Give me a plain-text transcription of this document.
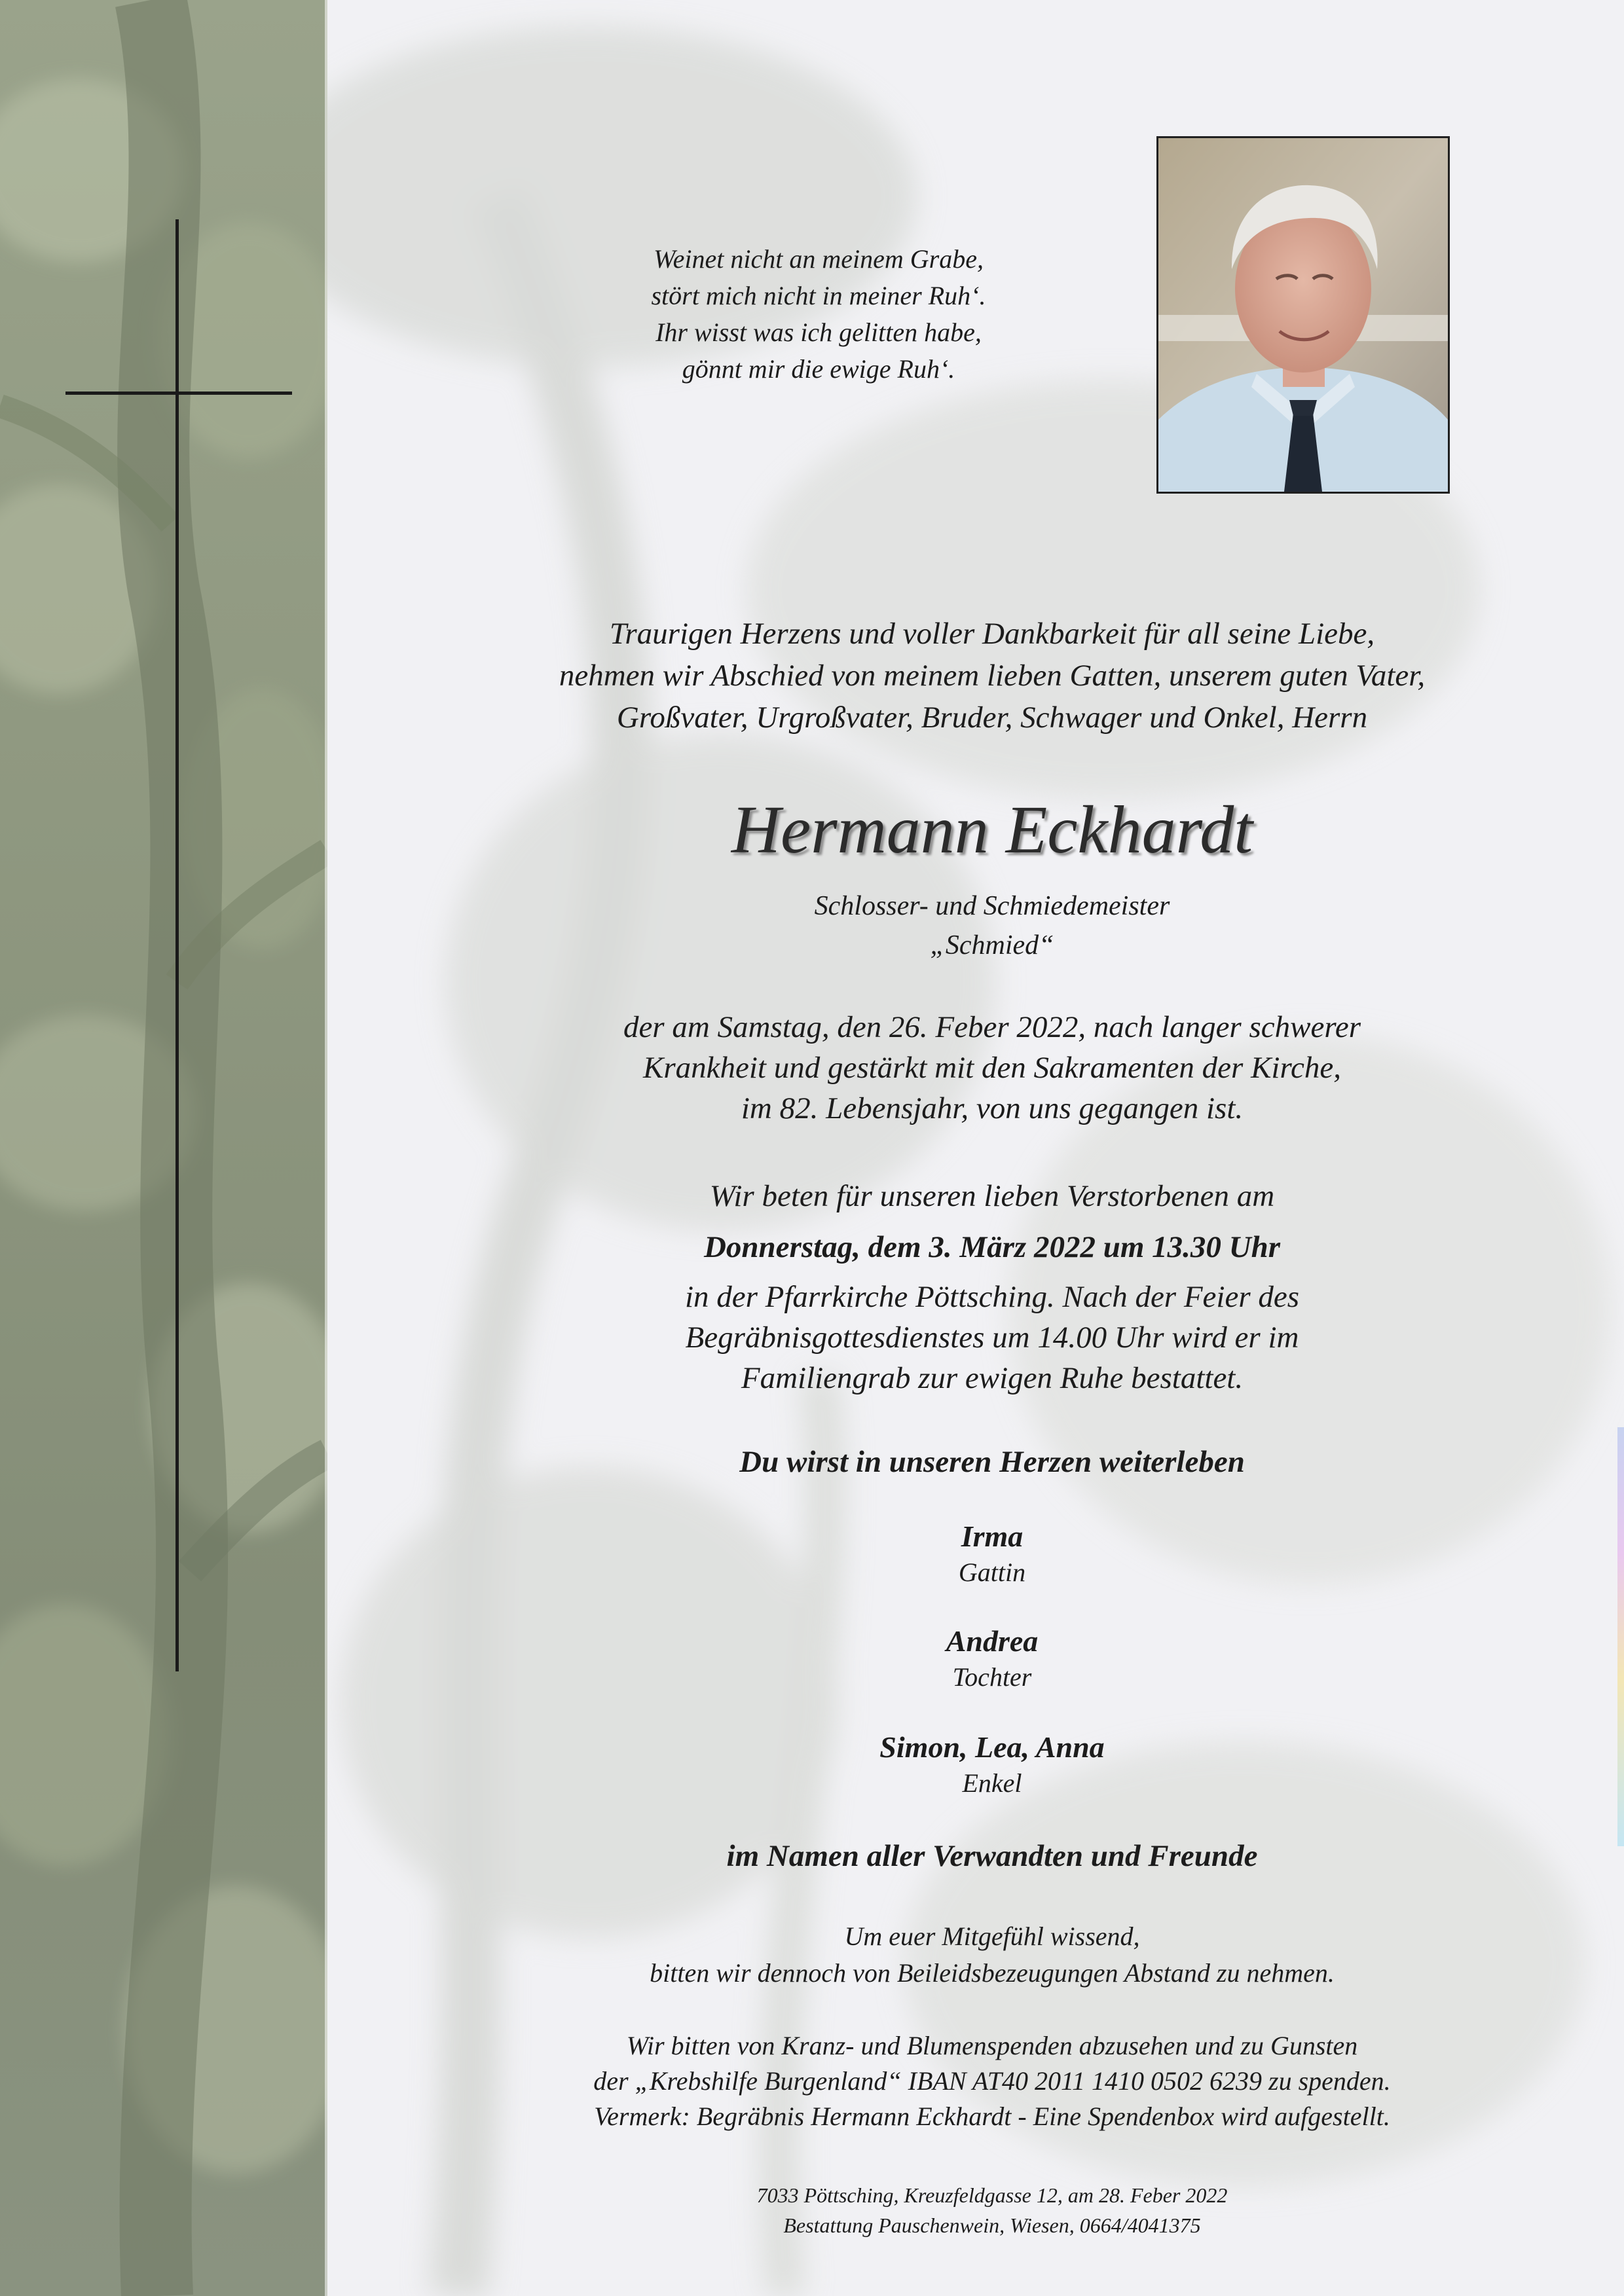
Weinet nicht an meinem Grabe,
stört mich nicht in meiner Ruh‘.
Ihr wisst was ich gelitten habe,
gönnt mir die ewige Ruh‘.
Traurigen Herzens und voller Dankbarkeit für all seine Liebe,
nehmen wir Abschied von meinem lieben Gatten, unserem guten Vater,
Großvater, Urgroßvater, Bruder, Schwager und Onkel, Herrn
Hermann Eckhardt
Schlosser- und Schmiedemeister
„Schmied“
der am Samstag, den 26. Feber 2022, nach langer schwerer
Krankheit und gestärkt mit den Sakramenten der Kirche,
im 82. Lebensjahr, von uns gegangen ist.
Wir beten für unseren lieben Verstorbenen am
Donnerstag, dem 3. März 2022 um 13.30 Uhr
in der Pfarrkirche Pöttsching. Nach der Feier des
Begräbnisgottesdienstes um 14.00 Uhr wird er im
Familiengrab zur ewigen Ruhe bestattet.
Du wirst in unseren Herzen weiterleben
Irma
Gattin
Andrea
Tochter
Simon, Lea, Anna
Enkel
im Namen aller Verwandten und Freunde
Um euer Mitgefühl wissend,
bitten wir dennoch von Beileidsbezeugungen Abstand zu nehmen.
Wir bitten von Kranz- und Blumenspenden abzusehen und zu Gunsten
der „Krebshilfe Burgenland“ IBAN AT40 2011 1410 0502 6239 zu spenden.
Vermerk: Begräbnis Hermann Eckhardt - Eine Spendenbox wird aufgestellt.
7033 Pöttsching, Kreuzfeldgasse 12, am 28. Feber 2022
Bestattung Pauschenwein, Wiesen, 0664/4041375
